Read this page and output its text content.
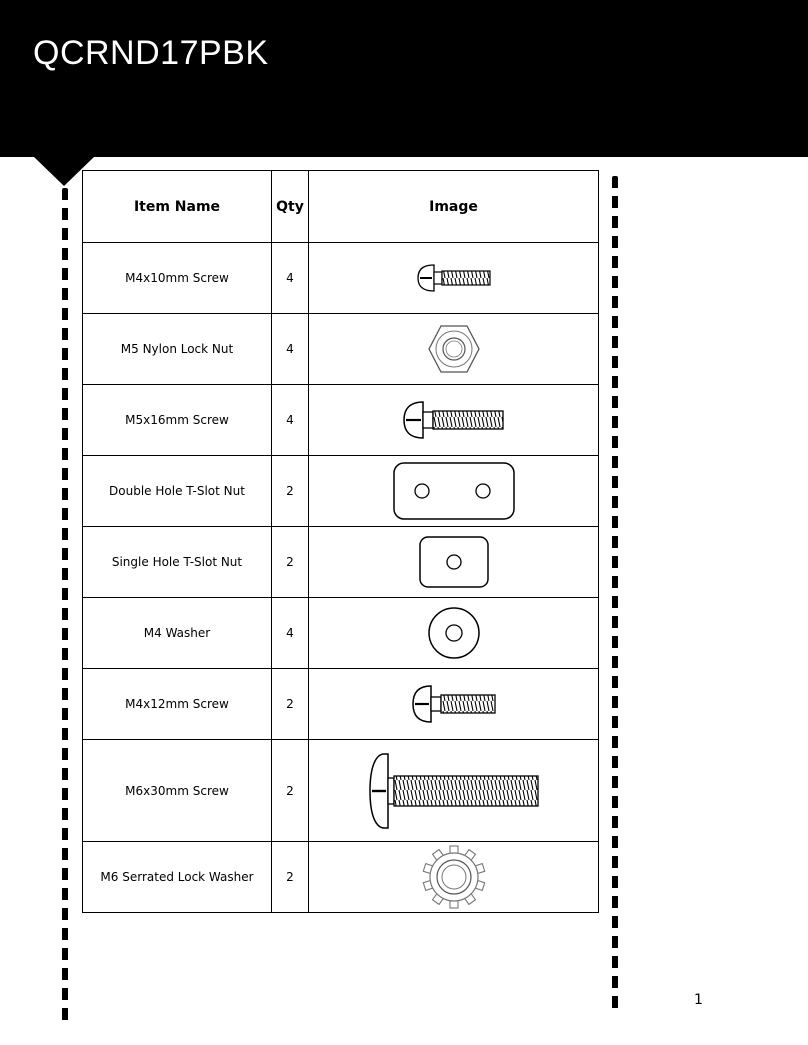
QCRND17PBK
Item Name	Qty	Image
M4x10mm Screw	4	

M5 Nylon Lock Nut	4	

M5x16mm Screw	4	

Double Hole T-Slot Nut	2	

Single Hole T-Slot Nut	2	

M4 Washer	4	

M4x12mm Screw	2	

M6x30mm Screw	2	

M6 Serrated Lock Washer	2	
1
